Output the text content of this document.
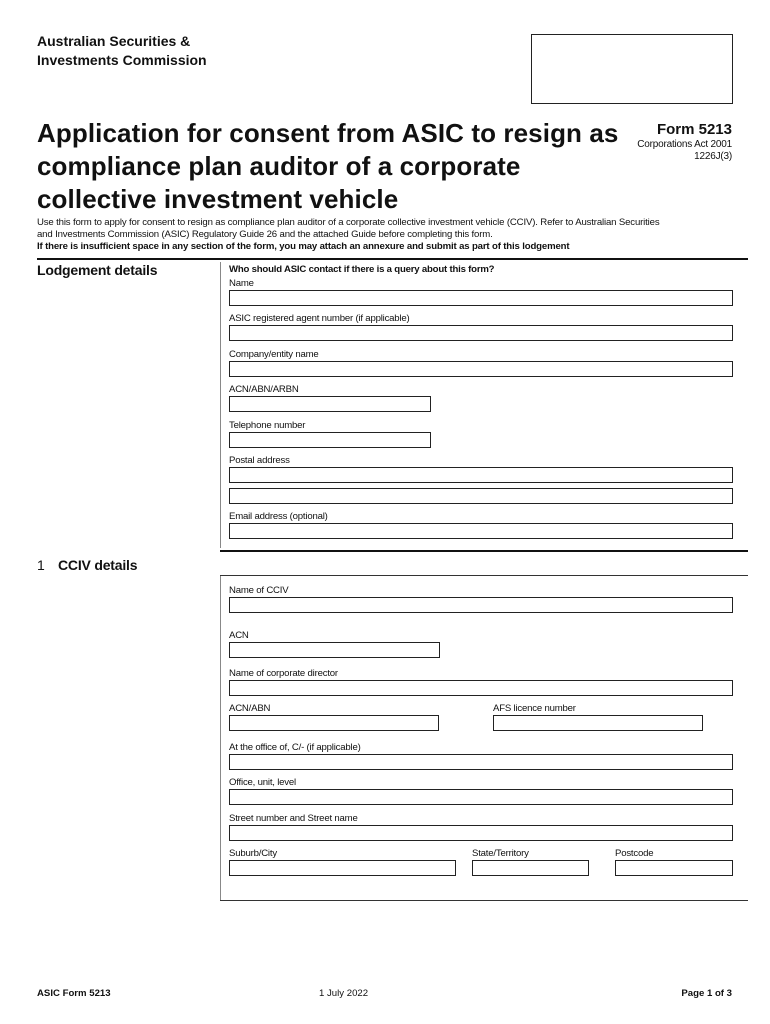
Australian Securities &
Investments Commission
Application for consent from ASIC to resign as compliance plan auditor of a corporate collective investment vehicle
Form 5213
Corporations Act 2001
1226J(3)
Use this form to apply for consent to resign as compliance plan auditor of a corporate collective investment vehicle (CCIV). Refer to Australian Securities
and Investments Commission (ASIC) Regulatory Guide 26 and the attached Guide before completing this form.
If there is insufficient space in any section of the form, you may attach an annexure and submit as part of this lodgement
Lodgement details	Who should ASIC contact if there is a query about this form?
Name
ASIC registered agent number (if applicable)
Company/entity name
ACN/ABN/ARBN
Telephone number
Postal address
Email address (optional)
1 CCIV details
Name of CCIV
ACN
Name of corporate director
ACN/ABN	AFS licence number
At the office of, C/- (if applicable)
Office, unit, level
Street number and Street name
Suburb/City	State/Territory	Postcode
ASIC Form 5213	1 July 2022	Page 1 of 3
